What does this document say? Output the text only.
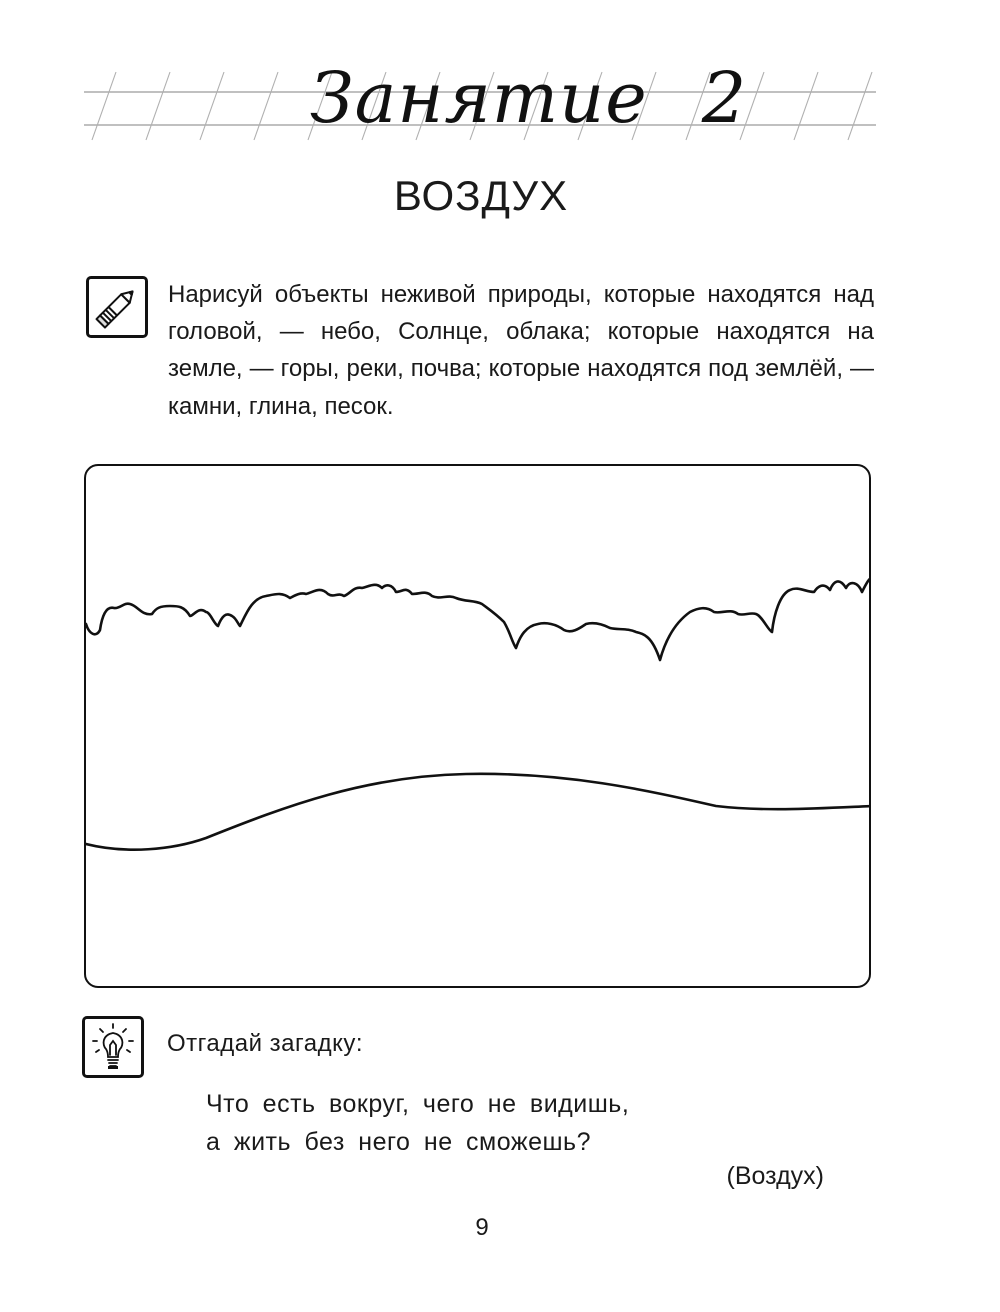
Занятие 2
ВОЗДУХ

Нарисуй объекты неживой природы, которые находятся над головой, — небо, Солнце, облака; которые находятся на земле, — горы, реки, почва; которые находятся под землёй, — камни, глина, песок.

Отгадай загадку:

Что есть вокруг, чего не видишь,

а жить без него не сможешь?

(Воздух)

9
